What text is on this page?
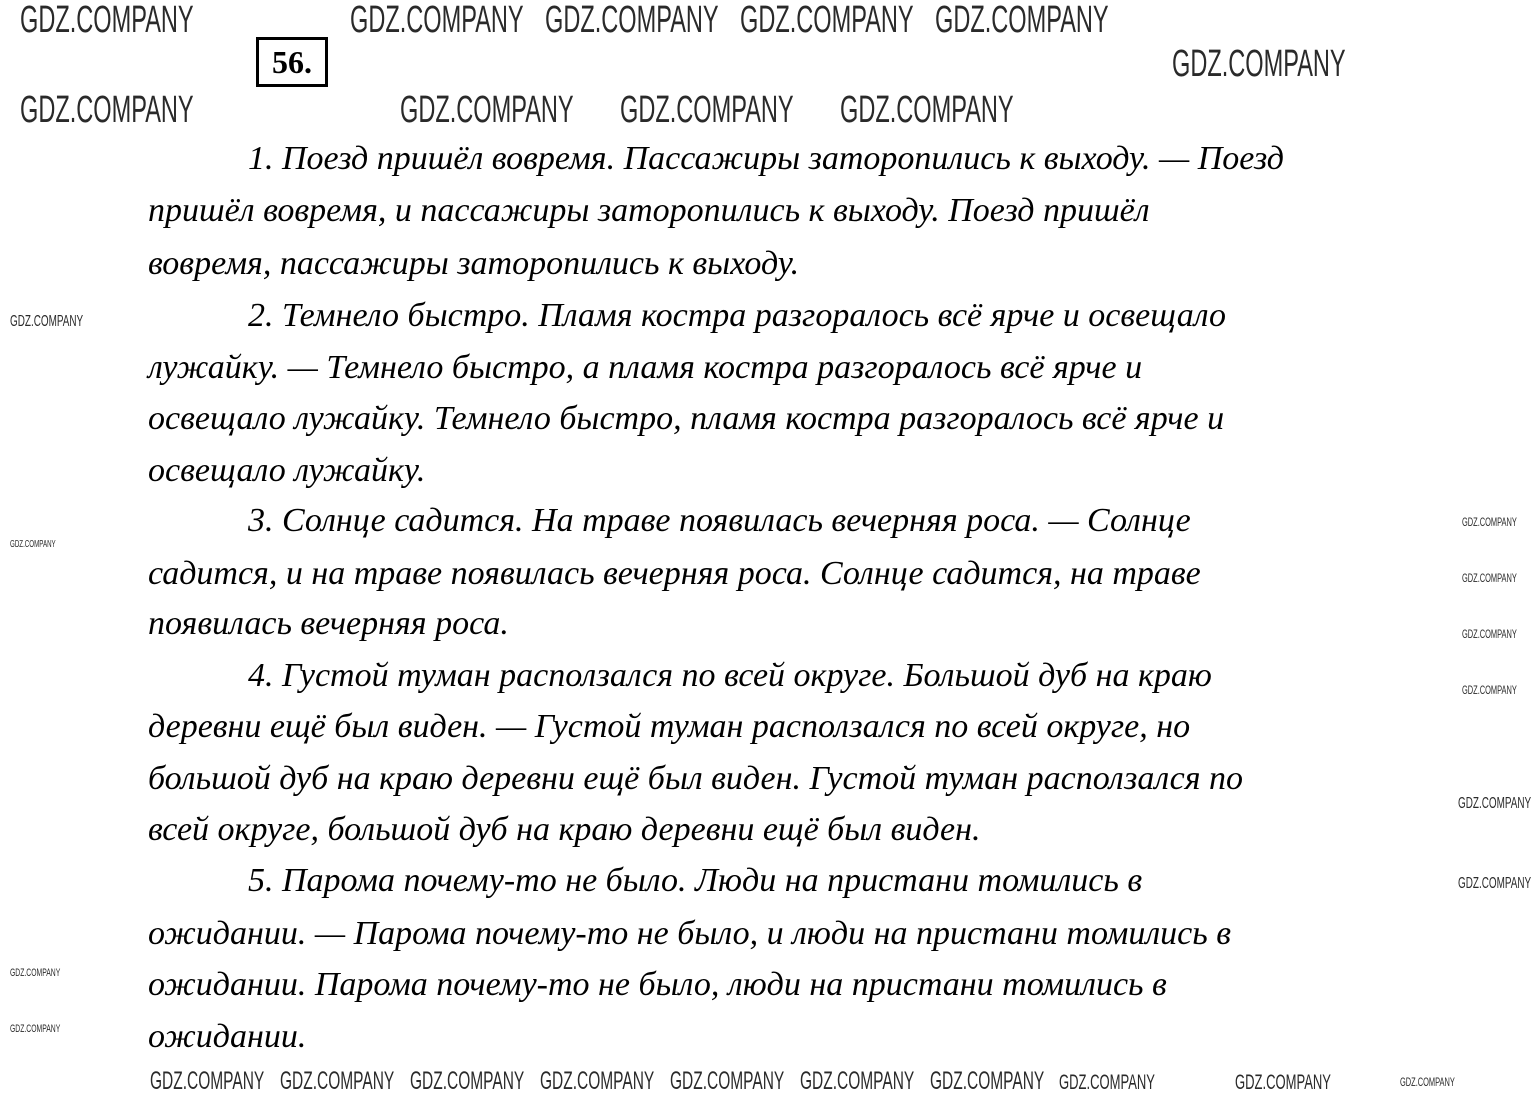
56.
1. Поезд пришёл вовремя. Пассажиры заторопились к выходу. — Поезд
пришёл вовремя, и пассажиры заторопились к выходу. Поезд пришёл
вовремя, пассажиры заторопились к выходу.
2. Темнело быстро. Пламя костра разгоралось всё ярче и освещало
лужайку. — Темнело быстро, а пламя костра разгоралось всё ярче и
освещало лужайку. Темнело быстро, пламя костра разгоралось всё ярче и
освещало лужайку.
3. Солнце садится. На траве появилась вечерняя роса. — Солнце
садится, и на траве появилась вечерняя роса. Солнце садится, на траве
появилась вечерняя роса.
4. Густой туман расползался по всей округе. Большой дуб на краю
деревни ещё был виден. — Густой туман расползался по всей округе, но
большой дуб на краю деревни ещё был виден. Густой туман расползался по
всей округе, большой дуб на краю деревни ещё был виден.
5. Парома почему-то не было. Люди на пристани томились в
ожидании. — Парома почему-то не было, и люди на пристани томились в
ожидании. Парома почему-то не было, люди на пристани томились в
ожидании.
GDZ.COMPANY	GDZ.COMPANY GDZ.COMPANY GDZ.COMPANY GDZ.COMPANY
GDZ.COMPANY
GDZ.COMPANY	GDZ.COMPANY GDZ.COMPANY GDZ.COMPANY
GDZ.COMPANY GDZ.COMPANY GDZ.COMPANY GDZ.COMPANY GDZ.COMPANY GDZ.COMPANY GDZ.COMPANY GDZ.COMPANY	GDZ.COMPANY
GDZ.COMPANY
GDZ.COMPANY
GDZ.COMPANY
GDZ.COMPANY
GDZ.COMPANY
GDZ.COMPANY
GDZ.COMPANY
GDZ.COMPANY
GDZ.COMPANY
GDZ.COMPANY
GDZ.COMPANY
